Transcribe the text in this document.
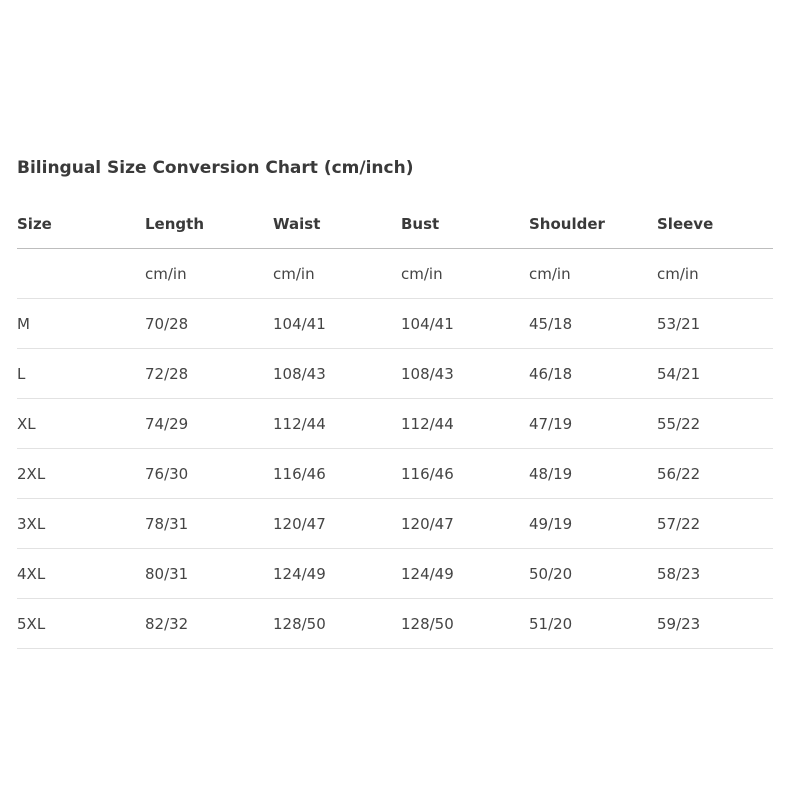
Bilingual Size Conversion Chart (cm/inch)
Size	Length	Waist	Bust	Shoulder	Sleeve
	cm/in	cm/in	cm/in	cm/in	cm/in
M	70/28	104/41	104/41	45/18	53/21
L	72/28	108/43	108/43	46/18	54/21
XL	74/29	112/44	112/44	47/19	55/22
2XL	76/30	116/46	116/46	48/19	56/22
3XL	78/31	120/47	120/47	49/19	57/22
4XL	80/31	124/49	124/49	50/20	58/23
5XL	82/32	128/50	128/50	51/20	59/23
